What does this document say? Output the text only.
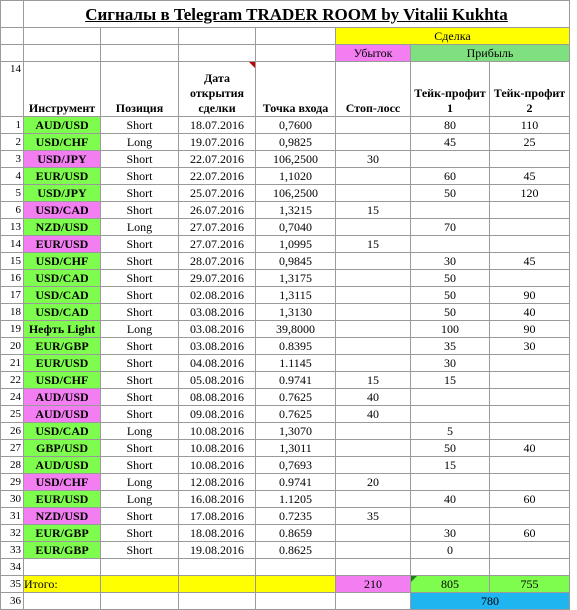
	Сигналы в Telegram TRADER ROOM by Vitalii Kukhta						
					Сделка		
					Убыток	Прибыль	
14	Инструмент	Позиция	Дата открытия сделки	Точка входа	Стоп-лосс	Тейк-профит 1	Тейк-профит 2
1	AUD/USD	Short	18.07.2016	0,7600		80	110
2	USD/CHF	Long	19.07.2016	0,9825		45	25
3	USD/JPY	Short	22.07.2016	106,2500	30		
4	EUR/USD	Short	22.07.2016	1,1020		60	45
5	USD/JPY	Short	25.07.2016	106,2500		50	120
6	USD/CAD	Short	26.07.2016	1,3215	15		
13	NZD/USD	Long	27.07.2016	0,7040		70	
14	EUR/USD	Short	27.07.2016	1,0995	15		
15	USD/CHF	Short	28.07.2016	0,9845		30	45
16	USD/CAD	Short	29.07.2016	1,3175		50	
17	USD/CAD	Short	02.08.2016	1,3115		50	90
18	USD/CAD	Short	03.08.2016	1,3130		50	40
19	Нефть Light	Long	03.08.2016	39,8000		100	90
20	EUR/GBP	Short	03.08.2016	0.8395		35	30
21	EUR/USD	Short	04.08.2016	1.1145		30	
22	USD/CHF	Short	05.08.2016	0.9741	15	15	
24	AUD/USD	Short	08.08.2016	0.7625	40		
25	AUD/USD	Short	09.08.2016	0.7625	40		
26	USD/CAD	Long	10.08.2016	1,3070		5	
27	GBP/USD	Short	10.08.2016	1,3011		50	40
28	AUD/USD	Short	10.08.2016	0,7693		15	
29	USD/CHF	Long	12.08.2016	0.9741	20		
30	EUR/USD	Long	16.08.2016	1.1205		40	60
31	NZD/USD	Short	17.08.2016	0.7235	35		
32	EUR/GBP	Short	18.08.2016	0.8659		30	60
33	EUR/GBP	Short	19.08.2016	0.8625		0	
34							
35	Итого:				210	805	755
36						780	
